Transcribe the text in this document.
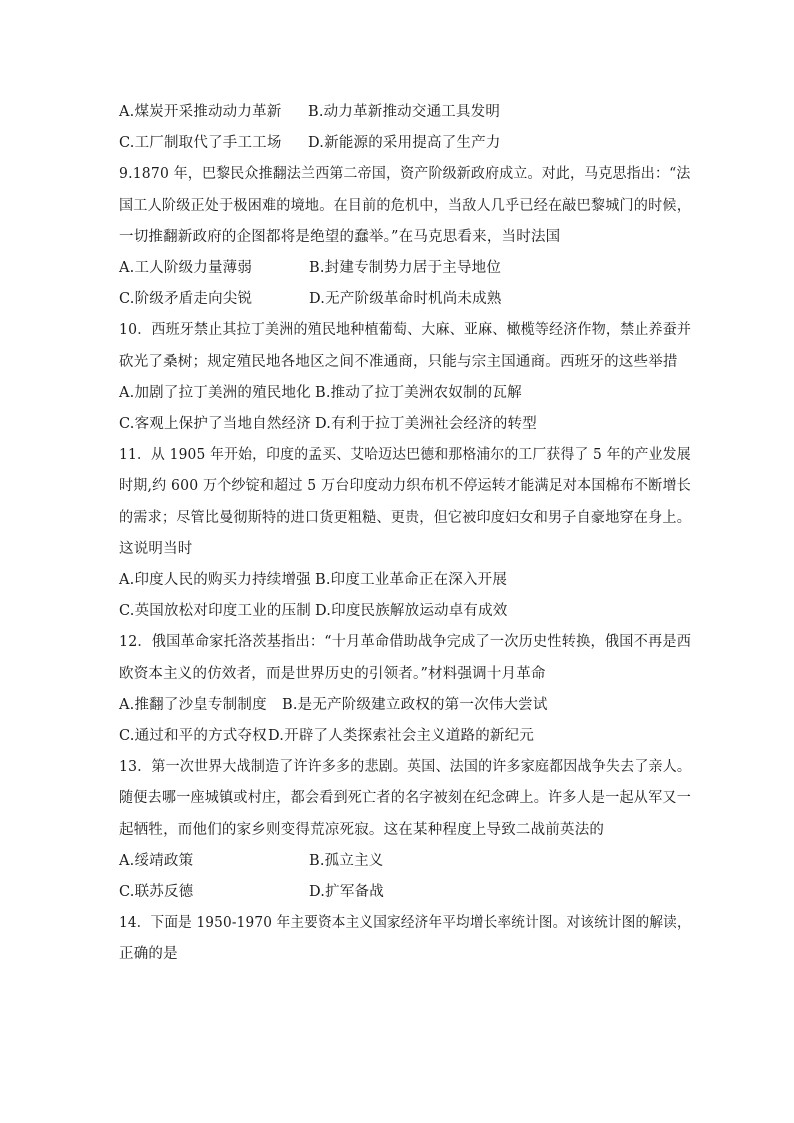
A.煤炭开采推动动力革新 B.动力革新推动交通工具发明
C.工厂制取代了手工工场 D.新能源的采用提高了生产力
9.1870 年，巴黎民众推翻法兰西第二帝国，资产阶级新政府成立。对此，马克思指出：“法
国工人阶级正处于极困难的境地。在目前的危机中，当敌人几乎已经在敲巴黎城门的时候，
一切推翻新政府的企图都将是绝望的蠢举。”在马克思看来，当时法国
A.工人阶级力量薄弱	B.封建专制势力居于主导地位
C.阶级矛盾走向尖锐	D.无产阶级革命时机尚未成熟
10．西班牙禁止其拉丁美洲的殖民地种植葡萄、大麻、亚麻、橄榄等经济作物，禁止养蚕并
砍光了桑树；规定殖民地各地区之间不准通商，只能与宗主国通商。西班牙的这些举措
A.加剧了拉丁美洲的殖民地化 B.推动了拉丁美洲农奴制的瓦解
C.客观上保护了当地自然经济 D.有利于拉丁美洲社会经济的转型
11．从 1905 年开始，印度的孟买、艾哈迈达巴德和那格浦尔的工厂获得了 5 年的产业发展
时期,约 600 万个纱锭和超过 5 万台印度动力织布机不停运转才能满足对本国棉布不断增长
的需求；尽管比曼彻斯特的进口货更粗糙、更贵，但它被印度妇女和男子自豪地穿在身上。
这说明当时
A.印度人民的购买力持续增强 B.印度工业革命正在深入开展
C.英国放松对印度工业的压制 D.印度民族解放运动卓有成效
12．俄国革命家托洛茨基指出：“十月革命借助战争完成了一次历史性转换，俄国不再是西
欧资本主义的仿效者，而是世界历史的引领者。”材料强调十月革命
A.推翻了沙皇专制制度 B.是无产阶级建立政权的第一次伟大尝试
C.通过和平的方式夺权 D.开辟了人类探索社会主义道路的新纪元
13．第一次世界大战制造了许许多多的悲剧。英国、法国的许多家庭都因战争失去了亲人。
随便去哪一座城镇或村庄，都会看到死亡者的名字被刻在纪念碑上。许多人是一起从军又一
起牺牲，而他们的家乡则变得荒凉死寂。这在某种程度上导致二战前英法的
A.绥靖政策	B.孤立主义
C.联苏反德	D.扩军备战
14．下面是 1950-1970 年主要资本主义国家经济年平均增长率统计图。对该统计图的解读，
正确的是
